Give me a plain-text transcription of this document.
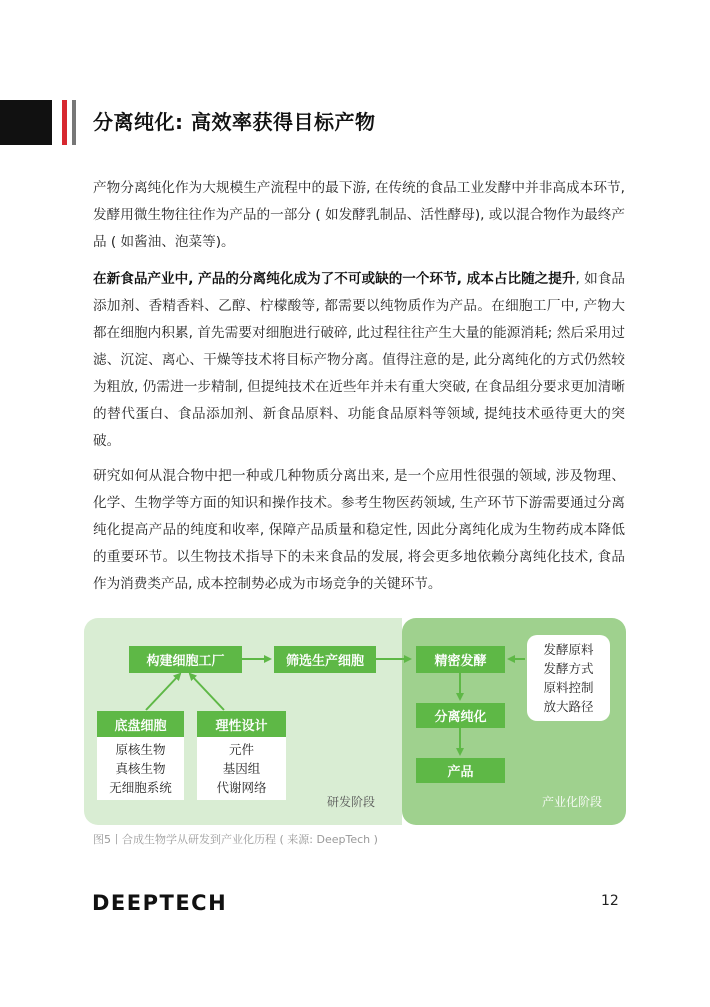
分离纯化: 高效率获得目标产物

产物分离纯化作为大规模生产流程中的最下游, 在传统的食品工业发酵中并非高成本环节, 发酵用微生物往往作为产品的一部分 ( 如发酵乳制品、活性酵母), 或以混合物作为最终产品 ( 如酱油、泡菜等)。

在新食品产业中, 产品的分离纯化成为了不可或缺的一个环节, 成本占比随之提升, 如食品添加剂、香精香料、乙醇、柠檬酸等, 都需要以纯物质作为产品。在细胞工厂中, 产物大都在细胞内积累, 首先需要对细胞进行破碎, 此过程往往产生大量的能源消耗; 然后采用过滤、沉淀、离心、干燥等技术将目标产物分离。值得注意的是, 此分离纯化的方式仍然较为粗放, 仍需进一步精制, 但提纯技术在近些年并未有重大突破, 在食品组分要求更加清晰的替代蛋白、食品添加剂、新食品原料、功能食品原料等领域, 提纯技术亟待更大的突破。

研究如何从混合物中把一种或几种物质分离出来, 是一个应用性很强的领域, 涉及物理、化学、生物学等方面的知识和操作技术。参考生物医药领域, 生产环节下游需要通过分离纯化提高产品的纯度和收率, 保障产品质量和稳定性, 因此分离纯化成为生物药成本降低的重要环节。以生物技术指导下的未来食品的发展, 将会更多地依赖分离纯化技术, 食品作为消费类产品, 成本控制势必成为市场竞争的关键环节。

构建细胞工厂	筛选生产细胞	精密发酵
分离纯化
产品
底盘细胞	理性设计
原核生物
真核生物
无细胞系统
元件
基因组
代谢网络
发酵原料
发酵方式
原料控制
放大路径
研发阶段	产业化阶段
图5丨合成生物学从研发到产业化历程 ( 来源: DeepTech )
DEEPTECH	12
